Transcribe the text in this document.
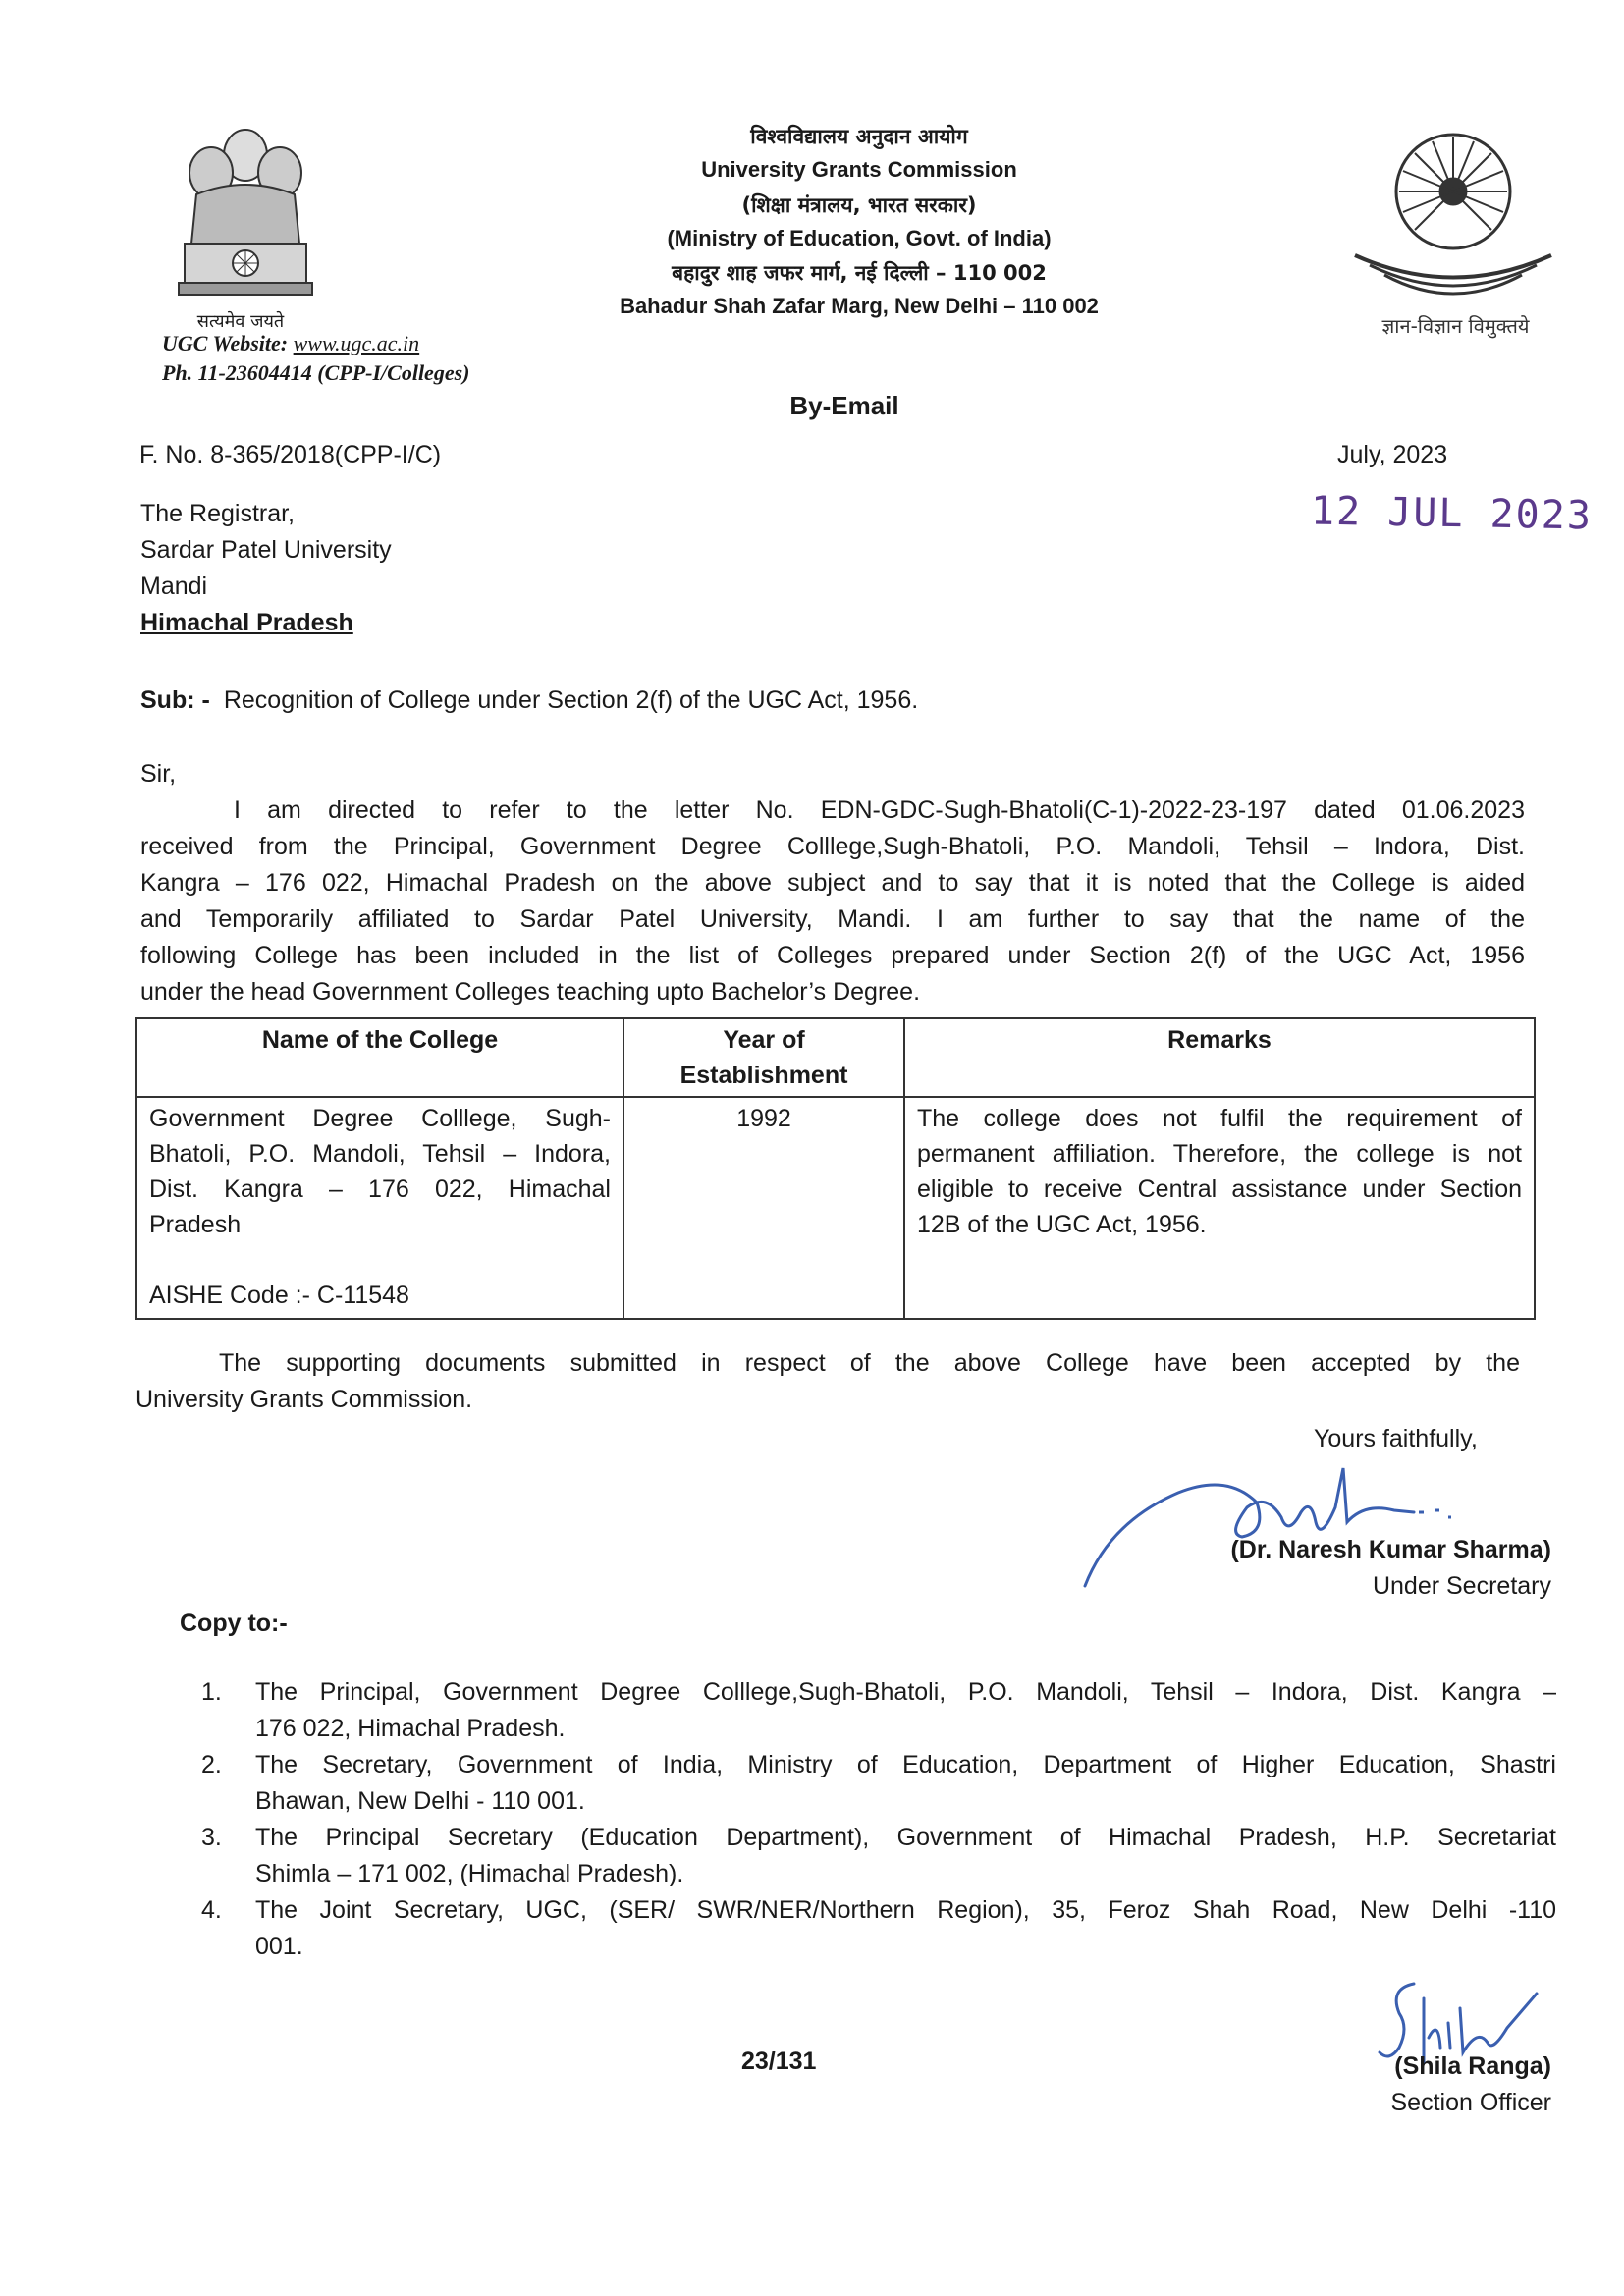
सत्यमेव जयते
UGC Website: www.ugc.ac.in
Ph. 11-23604414 (CPP-I/Colleges)
विश्वविद्यालय अनुदान आयोग
University Grants Commission
(शिक्षा मंत्रालय, भारत सरकार)
(Ministry of Education, Govt. of India)
बहादुर शाह जफर मार्ग, नई दिल्ली – 110 002
Bahadur Shah Zafar Marg, New Delhi – 110 002
ज्ञान-विज्ञान विमुक्तये
By-Email
F. No. 8-365/2018(CPP-I/C)	July, 2023
12 JUL 2023
The Registrar,
Sardar Patel University
Mandi
Himachal Pradesh
Sub: - Recognition of College under Section 2(f) of the UGC Act, 1956.
Sir,
I am directed to refer to the letter No. EDN-GDC-Sugh-Bhatoli(C-1)-2022-23-197 dated 01.06.2023
received from the Principal, Government Degree Colllege,Sugh-Bhatoli, P.O. Mandoli, Tehsil – Indora, Dist.
Kangra – 176 022, Himachal Pradesh on the above subject and to say that it is noted that the College is aided
and Temporarily affiliated to Sardar Patel University, Mandi. I am further to say that the name of the
following College has been included in the list of Colleges prepared under Section 2(f) of the UGC Act, 1956
under the head Government Colleges teaching upto Bachelor’s Degree.
Name of the College	Year of Establishment	Remarks

Government Degree Colllege, Sugh-Bhatoli, P.O. Mandoli, Tehsil – Indora, Dist. Kangra – 176 022, Himachal Pradesh
AISHE Code :- C-11548	1992	The college does not fulfil the requirement of permanent affiliation. Therefore, the college is not eligible to receive Central assistance under Section 12B of the UGC Act, 1956.
The supporting documents submitted in respect of the above College have been accepted by the
University Grants Commission.
Yours faithfully,
(Dr. Naresh Kumar Sharma)
Under Secretary
Copy to:-
1. The Principal, Government Degree Colllege,Sugh-Bhatoli, P.O. Mandoli, Tehsil – Indora, Dist. Kangra –
176 022, Himachal Pradesh.
2. The Secretary, Government of India, Ministry of Education, Department of Higher Education, Shastri
Bhawan, New Delhi - 110 001.
3. The Principal Secretary (Education Department), Government of Himachal Pradesh, H.P. Secretariat
Shimla – 171 002, (Himachal Pradesh).
4. The Joint Secretary, UGC, (SER/ SWR/NER/Northern Region), 35, Feroz Shah Road, New Delhi -110
001.
23/131	(Shila Ranga)
Section Officer
